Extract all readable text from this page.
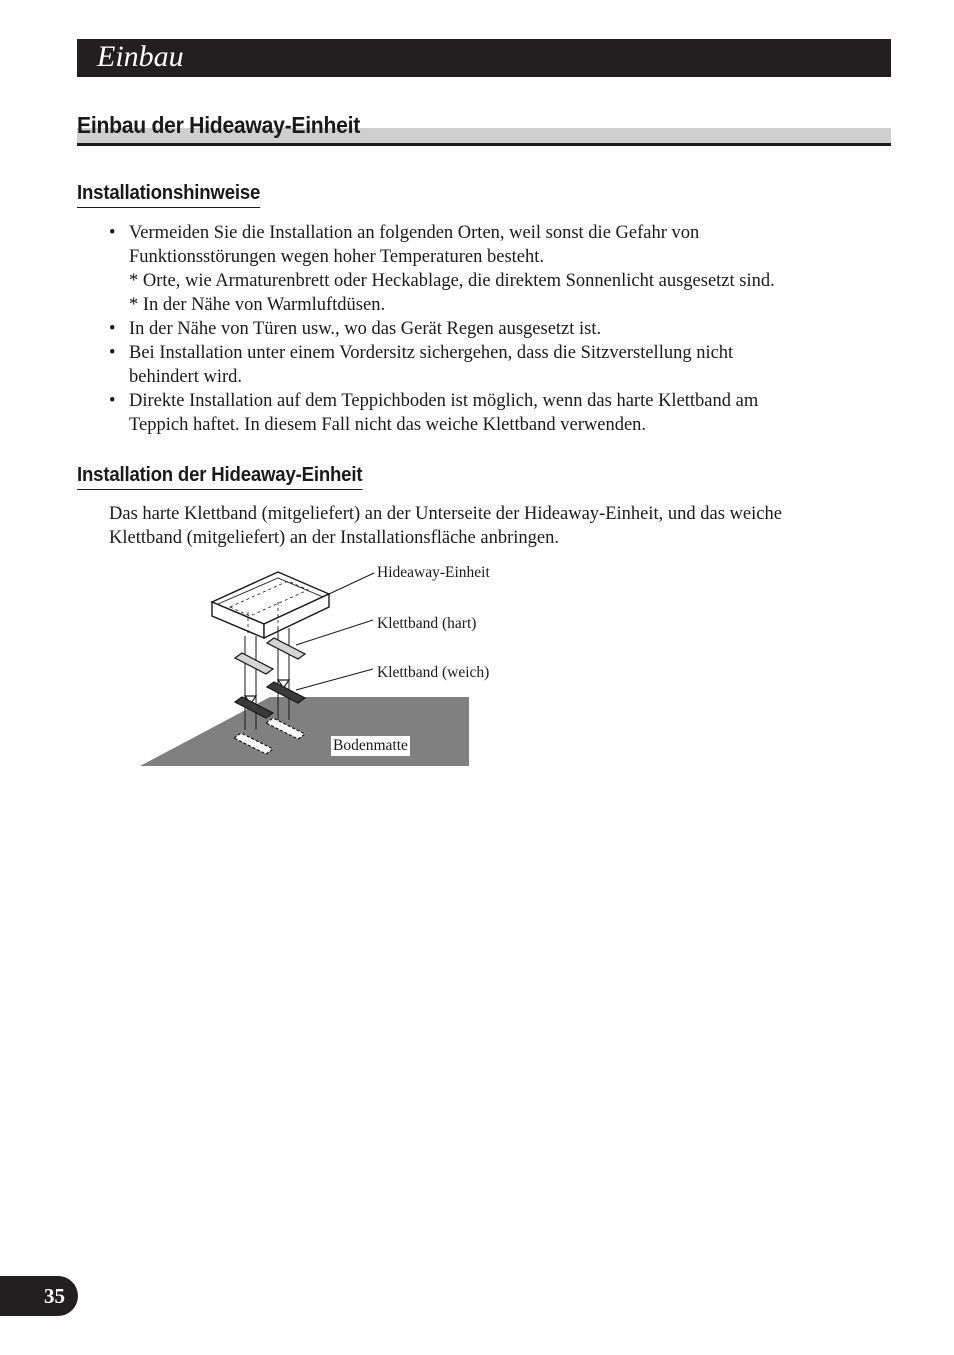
Einbau
Einbau der Hideaway-Einheit
Installationshinweise
• Vermeiden Sie die Installation an folgenden Orten, weil sonst die Gefahr von
Funktionsstörungen wegen hoher Temperaturen besteht.
* Orte, wie Armaturenbrett oder Heckablage, die direktem Sonnenlicht ausgesetzt sind.
* In der Nähe von Warmluftdüsen.
• In der Nähe von Türen usw., wo das Gerät Regen ausgesetzt ist.
• Bei Installation unter einem Vordersitz sichergehen, dass die Sitzverstellung nicht
behindert wird.
• Direkte Installation auf dem Teppichboden ist möglich, wenn das harte Klettband am
Teppich haftet. In diesem Fall nicht das weiche Klettband verwenden.
Installation der Hideaway-Einheit

Das harte Klettband (mitgeliefert) an der Unterseite der Hideaway-Einheit, und das weiche
Klettband (mitgeliefert) an der Installationsfläche anbringen.

Hideaway-Einheit
Klettband (hart)
Klettband (weich)
Bodenmatte
35
